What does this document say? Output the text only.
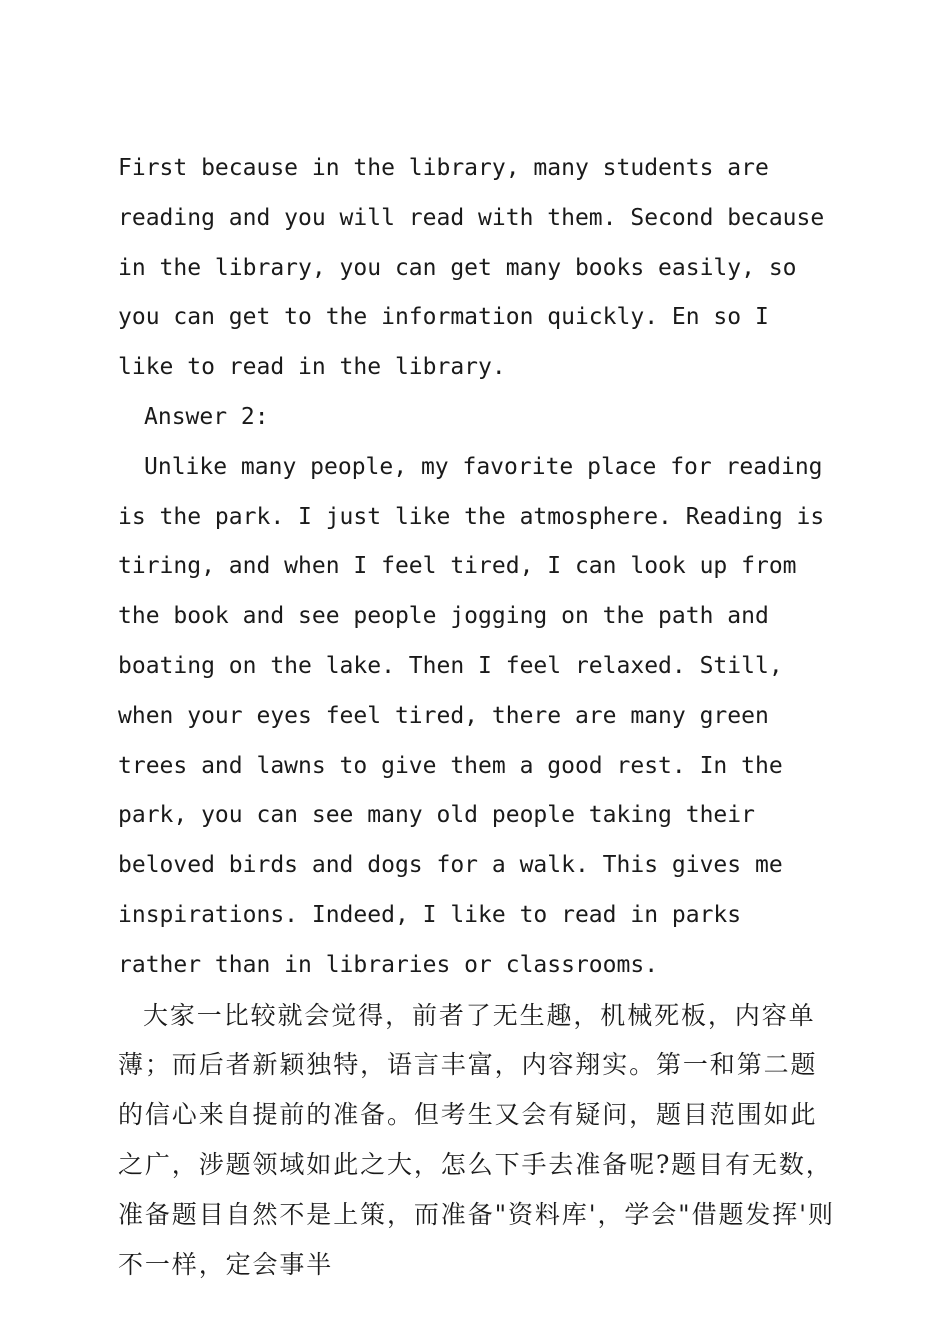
First because in the library, many students are reading and you will read with them. Second because in the library, you can get many books easily, so you can get to the information quickly. En so I like to read in the library.

Answer 2:

Unlike many people, my favorite place for reading is the park. I just like the atmosphere. Reading is tiring, and when I feel tired, I can look up from the book and see people jogging on the path and boating on the lake. Then I feel relaxed. Still, when your eyes feel tired, there are many green trees and lawns to give them a good rest. In the park, you can see many old people taking their beloved birds and dogs for a walk. This gives me inspirations. Indeed, I like to read in parks rather than in libraries or classrooms.

大家一比较就会觉得，前者了无生趣，机械死板，内容单薄；而后者新颖独特，语言丰富，内容翔实。第一和第二题的信心来自提前的准备。但考生又会有疑问，题目范围如此之广，涉题领域如此之大，怎么下手去准备呢?题目有无数，准备题目自然不是上策，而准备"资料库'，学会"借题发挥'则不一样，定会事半
